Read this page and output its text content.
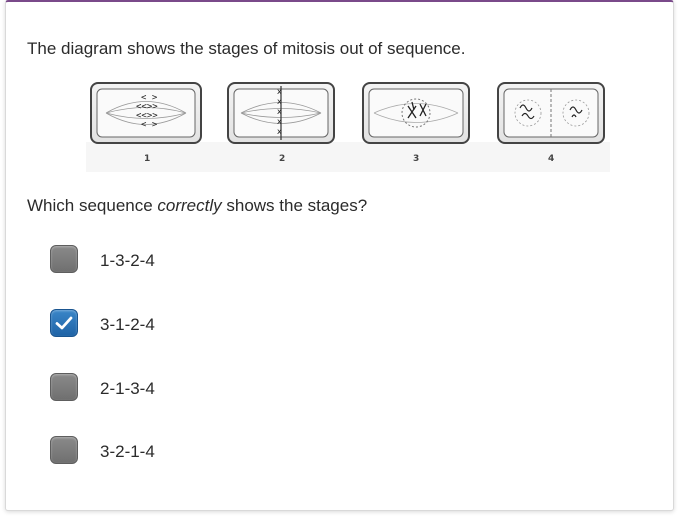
The diagram shows the stages of mitosis out of sequence.
< >
<<>>
<<>>
< >
x
x
x
x
x
1	2	3	4
Which sequence correctly shows the stages?
1-3-2-4
3-1-2-4
2-1-3-4
3-2-1-4
